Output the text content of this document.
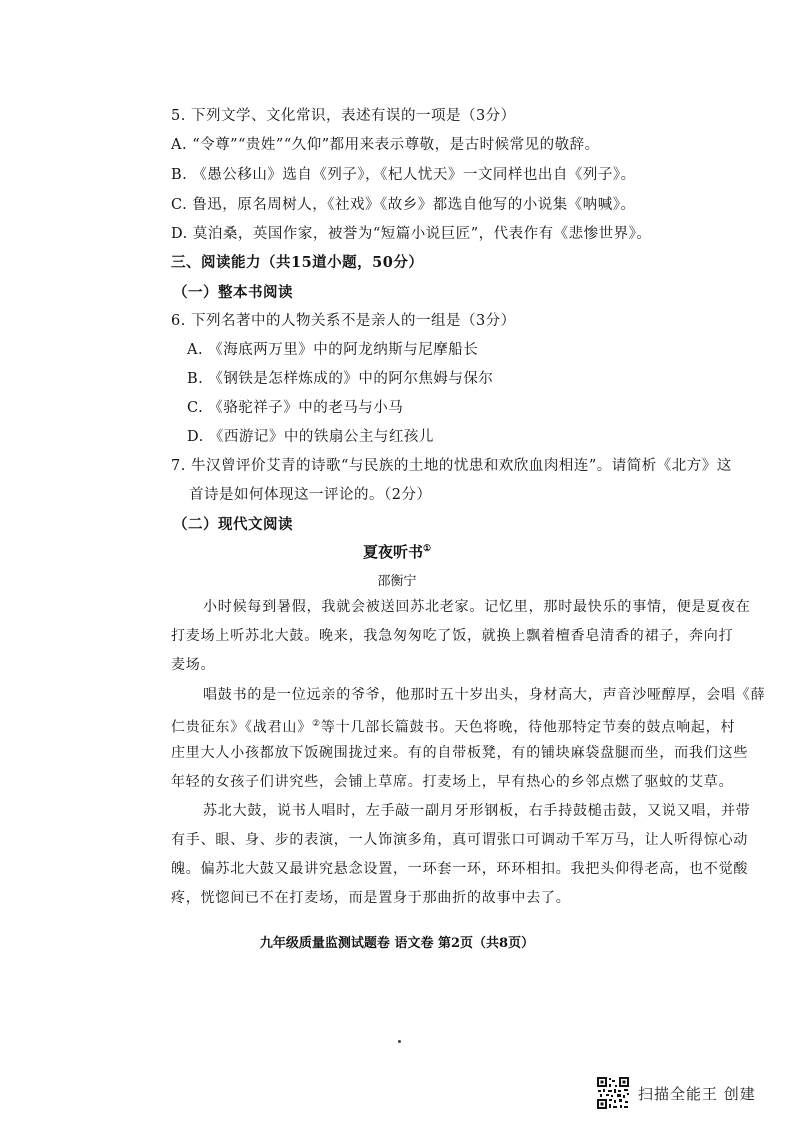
5. 下列文学、文化常识，表述有误的一项是（3分）
A. “令尊”“贵姓”“久仰”都用来表示尊敬，是古时候常见的敬辞。
B. 《愚公移山》选自《列子》，《杞人忧天》一文同样也出自《列子》。
C. 鲁迅，原名周树人，《社戏》《故乡》都选自他写的小说集《呐喊》。
D. 莫泊桑，英国作家，被誉为“短篇小说巨匠”，代表作有《悲惨世界》。
三、阅读能力（共15道小题，50分）
（一）整本书阅读
6. 下列名著中的人物关系不是亲人的一组是（3分）
A. 《海底两万里》中的阿龙纳斯与尼摩船长
B. 《钢铁是怎样炼成的》中的阿尔焦姆与保尔
C. 《骆驼祥子》中的老马与小马
D. 《西游记》中的铁扇公主与红孩儿
7. 牛汉曾评价艾青的诗歌“与民族的土地的忧患和欢欣血肉相连”。请简析《北方》这
首诗是如何体现这一评论的。（2分）
（二）现代文阅读
夏夜听书①
邵衡宁
小时候每到暑假，我就会被送回苏北老家。记忆里，那时最快乐的事情，便是夏夜在
打麦场上听苏北大鼓。晚来，我急匆匆吃了饭，就换上飘着檀香皂清香的裙子，奔向打
麦场。
唱鼓书的是一位远亲的爷爷，他那时五十岁出头，身材高大，声音沙哑醇厚，会唱《薛
仁贵征东》《战君山》②等十几部长篇鼓书。天色将晚，待他那特定节奏的鼓点响起，村
庄里大人小孩都放下饭碗围拢过来。有的自带板凳，有的铺块麻袋盘腿而坐，而我们这些
年轻的女孩子们讲究些，会铺上草席。打麦场上，早有热心的乡邻点燃了驱蚊的艾草。
苏北大鼓，说书人唱时，左手敲一副月牙形钢板，右手持鼓槌击鼓，又说又唱，并带
有手、眼、身、步的表演，一人饰演多角，真可谓张口可调动千军万马，让人听得惊心动
魄。偏苏北大鼓又最讲究悬念设置，一环套一环，环环相扣。我把头仰得老高，也不觉酸
疼，恍惚间已不在打麦场，而是置身于那曲折的故事中去了。
九年级质量监测试题卷 语文卷 第2页（共8页）
扫描全能王 创建
